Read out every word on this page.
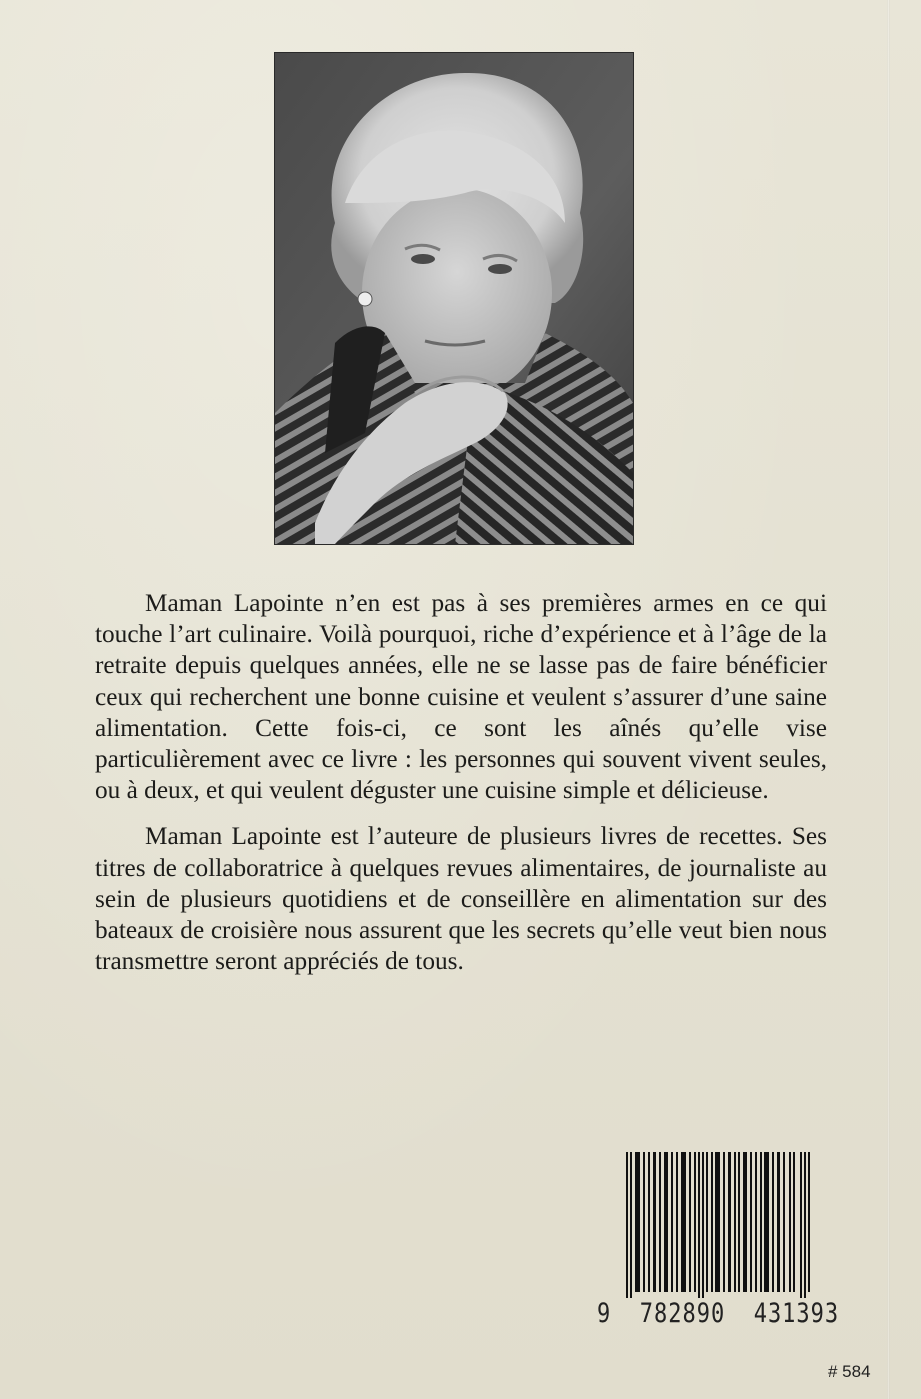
Maman Lapointe n’en est pas à ses premières armes en ce qui touche l’art culinaire. Voilà pourquoi, riche d’expérience et à l’âge de la retraite depuis quelques années, elle ne se lasse pas de faire bénéficier ceux qui recherchent une bonne cuisine et veulent s’assurer d’une saine alimentation. Cette fois-ci, ce sont les aînés qu’elle vise particulièrement avec ce livre : les personnes qui souvent vivent seules, ou à deux, et qui veulent déguster une cuisine simple et délicieuse.

Maman Lapointe est l’auteure de plusieurs livres de recettes. Ses titres de collaboratrice à quelques revues alimentaires, de journaliste au sein de plusieurs quotidiens et de conseillère en alimentation sur des bateaux de croisière nous assurent que les secrets qu’elle veut bien nous transmettre seront appréciés de tous.

9  782890  431393
# 584
